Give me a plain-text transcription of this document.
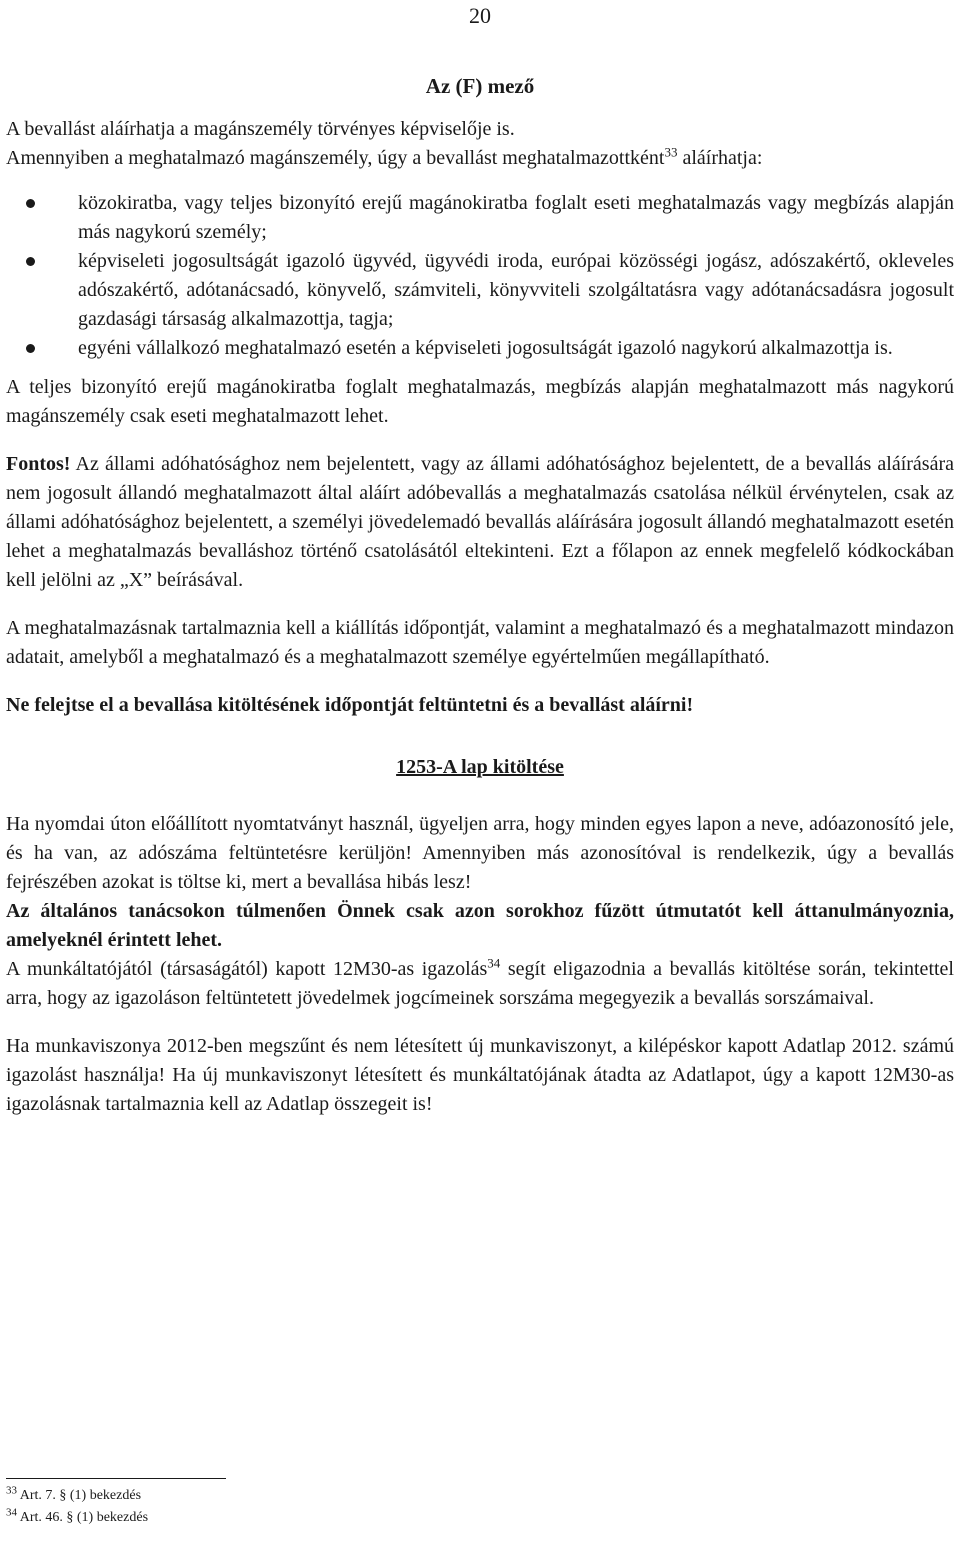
20
Az (F) mező

A bevallást aláírhatja a magánszemély törvényes képviselője is.

Amennyiben a meghatalmazó magánszemély, úgy a bevallást meghatalmazottként$^{33}$ aláírhatja:

közokiratba, vagy teljes bizonyító erejű magánokiratba foglalt eseti meghatalmazás vagy megbízás alapján más nagykorú személy;
képviseleti jogosultságát igazoló ügyvéd, ügyvédi iroda, európai közösségi jogász, adószakértő, okleveles adószakértő, adótanácsadó, könyvelő, számviteli, könyvviteli szolgáltatásra vagy adótanácsadásra jogosult gazdasági társaság alkalmazottja, tagja;
egyéni vállalkozó meghatalmazó esetén a képviseleti jogosultságát igazoló nagykorú alkalmazottja is.

A teljes bizonyító erejű magánokiratba foglalt meghatalmazás, megbízás alapján meghatalmazott más nagykorú magánszemély csak eseti meghatalmazott lehet.

Fontos! Az állami adóhatósághoz nem bejelentett, vagy az állami adóhatósághoz bejelentett, de a bevallás aláírására nem jogosult állandó meghatalmazott által aláírt adóbevallás a meghatalmazás csatolása nélkül érvénytelen, csak az állami adóhatósághoz bejelentett, a személyi jövedelemadó bevallás aláírására jogosult állandó meghatalmazott esetén lehet a meghatalmazás bevalláshoz történő csatolásától eltekinteni. Ezt a főlapon az ennek megfelelő kódkockában kell jelölni az „X” beírásával.

A meghatalmazásnak tartalmaznia kell a kiállítás időpontját, valamint a meghatalmazó és a meghatalmazott mindazon adatait, amelyből a meghatalmazó és a meghatalmazott személye egyértelműen megállapítható.

Ne felejtse el a bevallása kitöltésének időpontját feltüntetni és a bevallást aláírni!

1253-A lap kitöltése

Ha nyomdai úton előállított nyomtatványt használ, ügyeljen arra, hogy minden egyes lapon a neve, adóazonosító jele, és ha van, az adószáma feltüntetésre kerüljön! Amennyiben más azonosítóval is rendelkezik, úgy a bevallás fejrészében azokat is töltse ki, mert a bevallása hibás lesz!

Az általános tanácsokon túlmenően Önnek csak azon sorokhoz fűzött útmutatót kell áttanulmányoznia, amelyeknél érintett lehet.

A munkáltatójától (társaságától) kapott 12M30-as igazolás$^{34}$ segít eligazodnia a bevallás kitöltése során, tekintettel arra, hogy az igazoláson feltüntetett jövedelmek jogcímeinek sorszáma megegyezik a bevallás sorszámaival.

Ha munkaviszonya 2012-ben megszűnt és nem létesített új munkaviszonyt, a kilépéskor kapott Adatlap 2012. számú igazolást használja! Ha új munkaviszonyt létesített és munkáltatójának átadta az Adatlapot, úgy a kapott 12M30-as igazolásnak tartalmaznia kell az Adatlap összegeit is!

$^{33}$ Art. 7. § (1) bekezdés
$^{34}$ Art. 46. § (1) bekezdés
